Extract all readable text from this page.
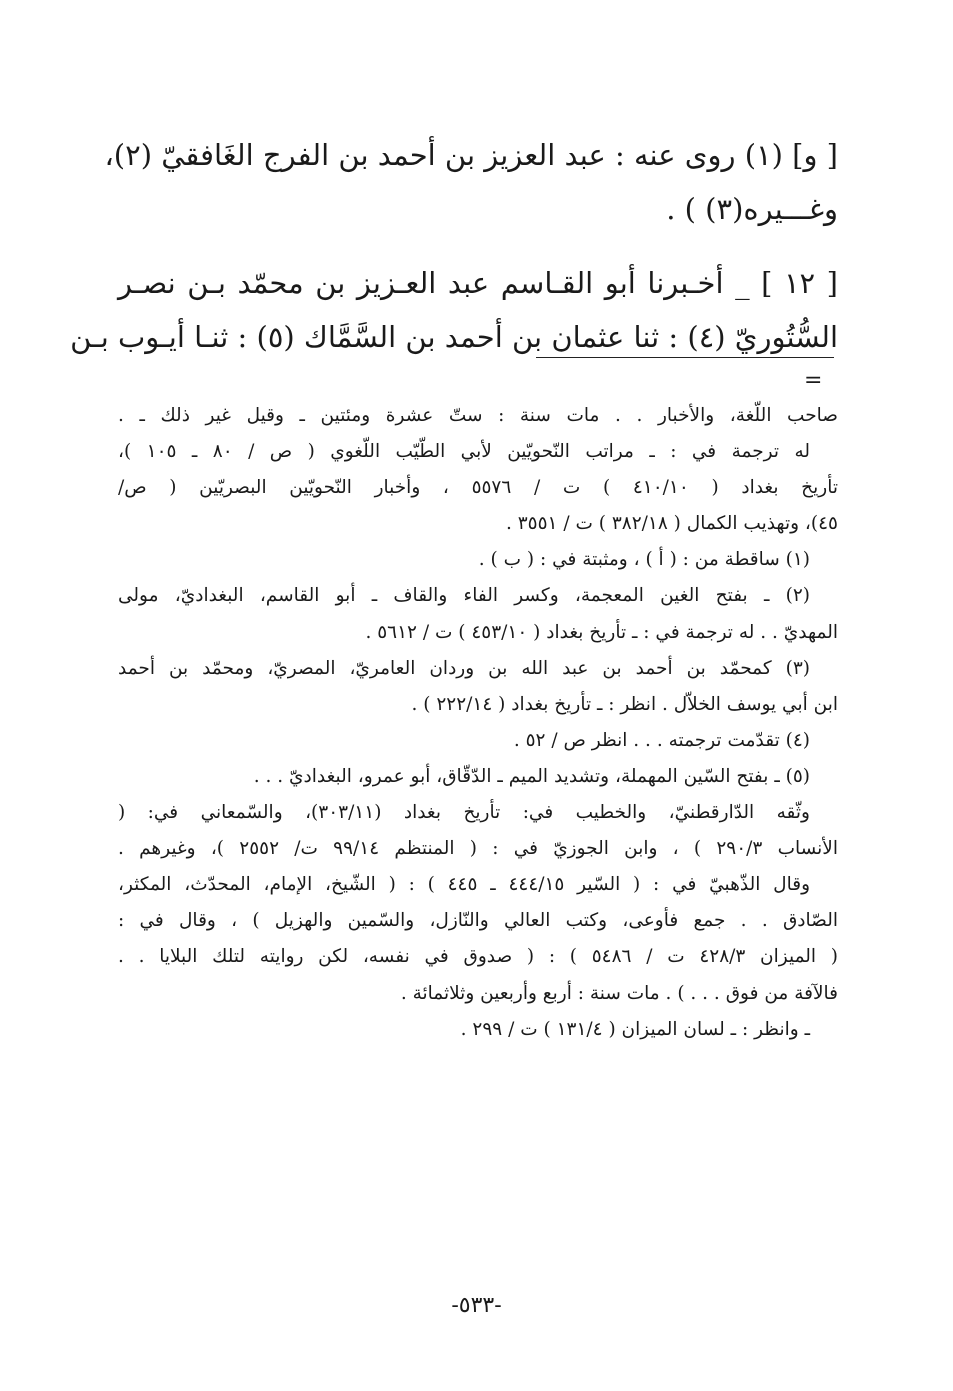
[ و] (١) روى عنه : عبد العزيز بن أحمد بن الفرج الغَافقيّ (٢)،
وغـــيره(٣) ) .
[ ١٢ ] _ أخـبرنا أبو القـاسم عبد العـزيز بن محمّد بـن نصـر
السُّتُوريّ (٤) : ثنا عثمان بن أحمد بن السَّمَّاك (٥) : ثنـا أيـوب بـن
=
صاحب اللّغة، والأخبار . . مات سنة : ستّ عشرة ومئتين ـ وقيل غير ذلك ـ .
له ترجمة في : ـ مراتب النّحويّين لأبي الطّيّب اللّغوي ( ص / ٨٠ ـ ١٠٥ )،
تأريخ بغداد ( ٤١٠/١٠ ) ت / ٥٥٧٦ ، وأخبار النّحويّين البصريّين ( ص/
٤٥)، وتهذيب الكمال ( ٣٨٢/١٨ ) ت / ٣٥٥١ .
(١) ساقطة من : ( أ ) ، ومثبتة في : ( ب ) .
(٢) ـ بفتح الغين المعجمة، وكسر الفاء والقاف ـ أبو القاسم، البغداديّ، مولى
المهديّ . . له ترجمة في : ـ تأريخ بغداد ( ٤٥٣/١٠ ) ت / ٥٦١٢ .
(٣) كمحمّد بن أحمد بن عبد الله بن وردان العامريّ، المصريّ، ومحمّد بن أحمد
ابن أبي يوسف الخلاّل . انظر : ـ تأريخ بغداد ( ٢٢٢/١٤ ) .
(٤) تقدّمت ترجمته . . . انظر ص / ٥٢ .
(٥) ـ بفتح السّين المهملة، وتشديد الميم ـ الدّقّاق، أبو عمرو، البغداديّ . . .
وثّقه الدّارقطنيّ، والخطيب في: تأريخ بغداد (٣٠٣/١١)، والسّمعاني في: (
الأنساب ٢٩٠/٣ ) ، وابن الجوزيّ في : ( المنتظم ٩٩/١٤ ت/ ٢٥٥٢ )، وغيرهم .
وقال الذّهبيّ في : ( السّير ٤٤٤/١٥ ـ ٤٤٥ ) : ( الشّيخ، الإمام، المحدّث، المكثر،
الصّادق . . جمع فأوعى، وكتب العالي والنّازل، والسّمين والهزيل ) ، وقال في :
( الميزان ٤٢٨/٣ ت / ٥٤٨٦ ) : ( صدوق في نفسه، لكن روايته لتلك البلايا . .
فالآفة من فوق . . . ) . مات سنة : أربع وأربعين وثلاثمائة .
ـ وانظر : ـ لسان الميزان ( ١٣١/٤ ) ت / ٢٩٩ .
-٥٣٣-
